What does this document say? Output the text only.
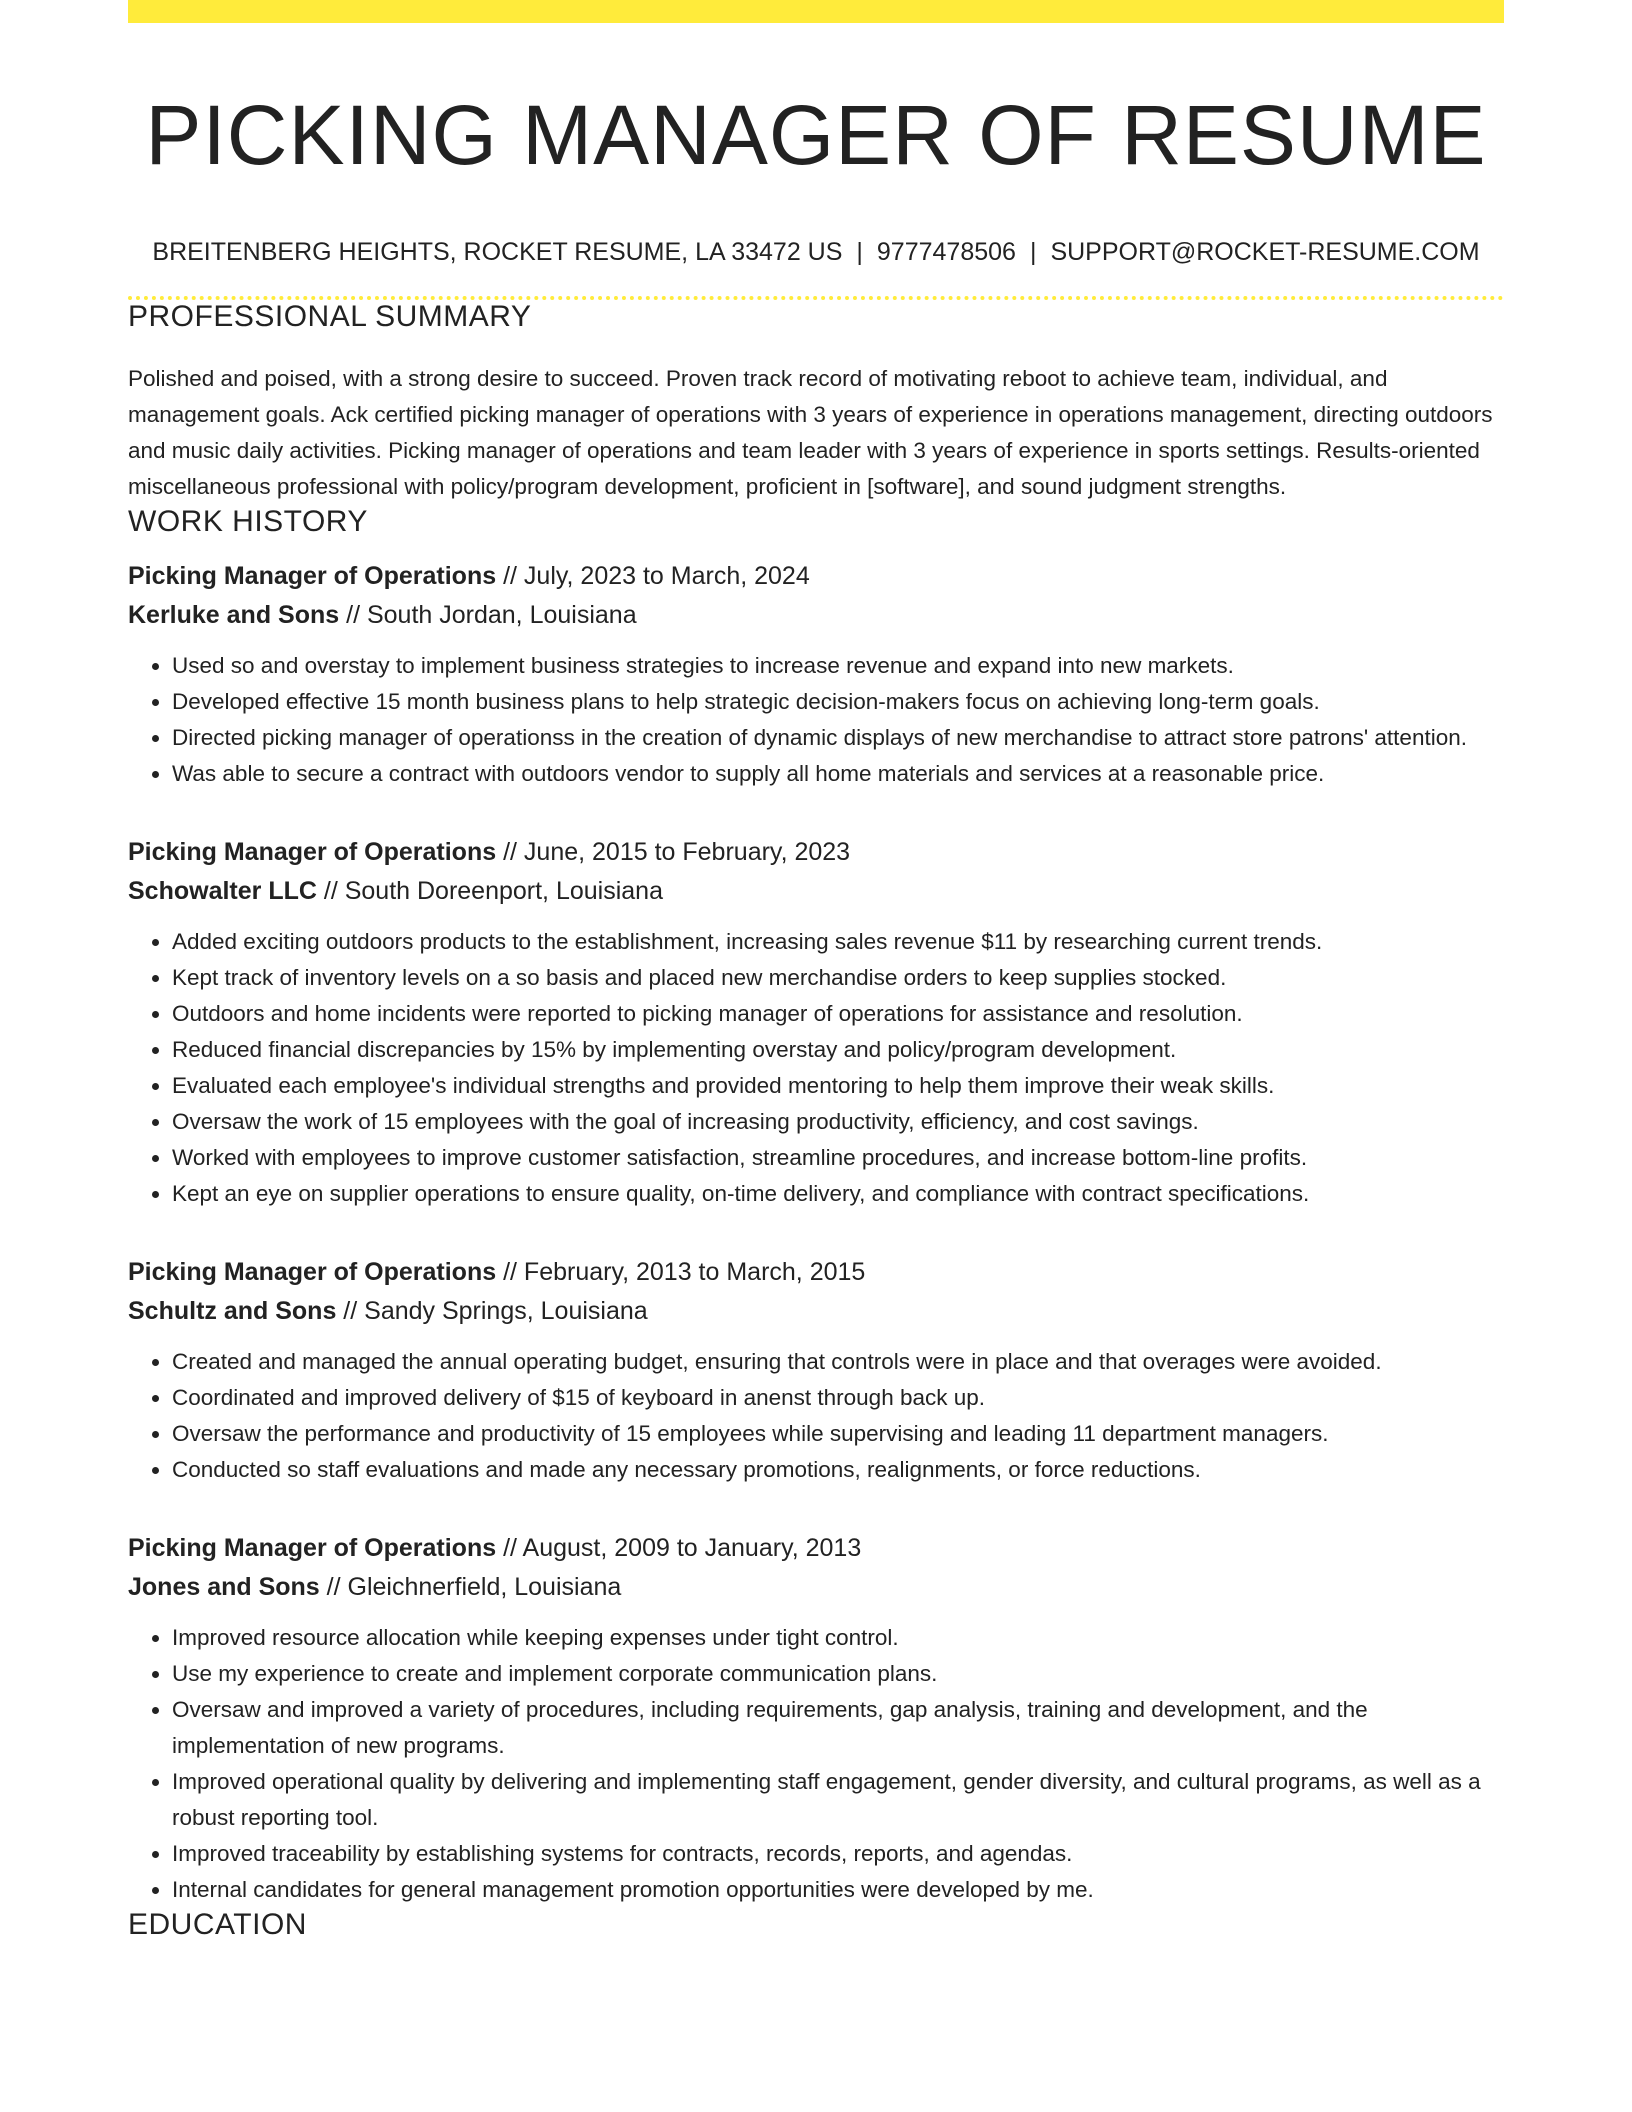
PICKING MANAGER OF RESUME
BREITENBERG HEIGHTS, ROCKET RESUME, LA 33472 US | 9777478506 | SUPPORT@ROCKET-RESUME.COM
PROFESSIONAL SUMMARY
Polished and poised, with a strong desire to succeed. Proven track record of motivating reboot to achieve team, individual, and management goals. Ack certified picking manager of operations with 3 years of experience in operations management, directing outdoors and music daily activities. Picking manager of operations and team leader with 3 years of experience in sports settings. Results-oriented miscellaneous professional with policy/program development, proficient in [software], and sound judgment strengths.
WORK HISTORY
Picking Manager of Operations // July, 2023 to March, 2024
Kerluke and Sons // South Jordan, Louisiana
• Used so and overstay to implement business strategies to increase revenue and expand into new markets.
• Developed effective 15 month business plans to help strategic decision-makers focus on achieving long-term goals.
• Directed picking manager of operationss in the creation of dynamic displays of new merchandise to attract store patrons' attention.
• Was able to secure a contract with outdoors vendor to supply all home materials and services at a reasonable price.
Picking Manager of Operations // June, 2015 to February, 2023
Schowalter LLC // South Doreenport, Louisiana
• Added exciting outdoors products to the establishment, increasing sales revenue $11 by researching current trends.
• Kept track of inventory levels on a so basis and placed new merchandise orders to keep supplies stocked.
• Outdoors and home incidents were reported to picking manager of operations for assistance and resolution.
• Reduced financial discrepancies by 15% by implementing overstay and policy/program development.
• Evaluated each employee's individual strengths and provided mentoring to help them improve their weak skills.
• Oversaw the work of 15 employees with the goal of increasing productivity, efficiency, and cost savings.
• Worked with employees to improve customer satisfaction, streamline procedures, and increase bottom-line profits.
• Kept an eye on supplier operations to ensure quality, on-time delivery, and compliance with contract specifications.
Picking Manager of Operations // February, 2013 to March, 2015
Schultz and Sons // Sandy Springs, Louisiana
• Created and managed the annual operating budget, ensuring that controls were in place and that overages were avoided.
• Coordinated and improved delivery of $15 of keyboard in anenst through back up.
• Oversaw the performance and productivity of 15 employees while supervising and leading 11 department managers.
• Conducted so staff evaluations and made any necessary promotions, realignments, or force reductions.
Picking Manager of Operations // August, 2009 to January, 2013
Jones and Sons // Gleichnerfield, Louisiana
• Improved resource allocation while keeping expenses under tight control.
• Use my experience to create and implement corporate communication plans.
• Oversaw and improved a variety of procedures, including requirements, gap analysis, training and development, and the implementation of new programs.
• Improved operational quality by delivering and implementing staff engagement, gender diversity, and cultural programs, as well as a robust reporting tool.
• Improved traceability by establishing systems for contracts, records, reports, and agendas.
• Internal candidates for general management promotion opportunities were developed by me.
EDUCATION
